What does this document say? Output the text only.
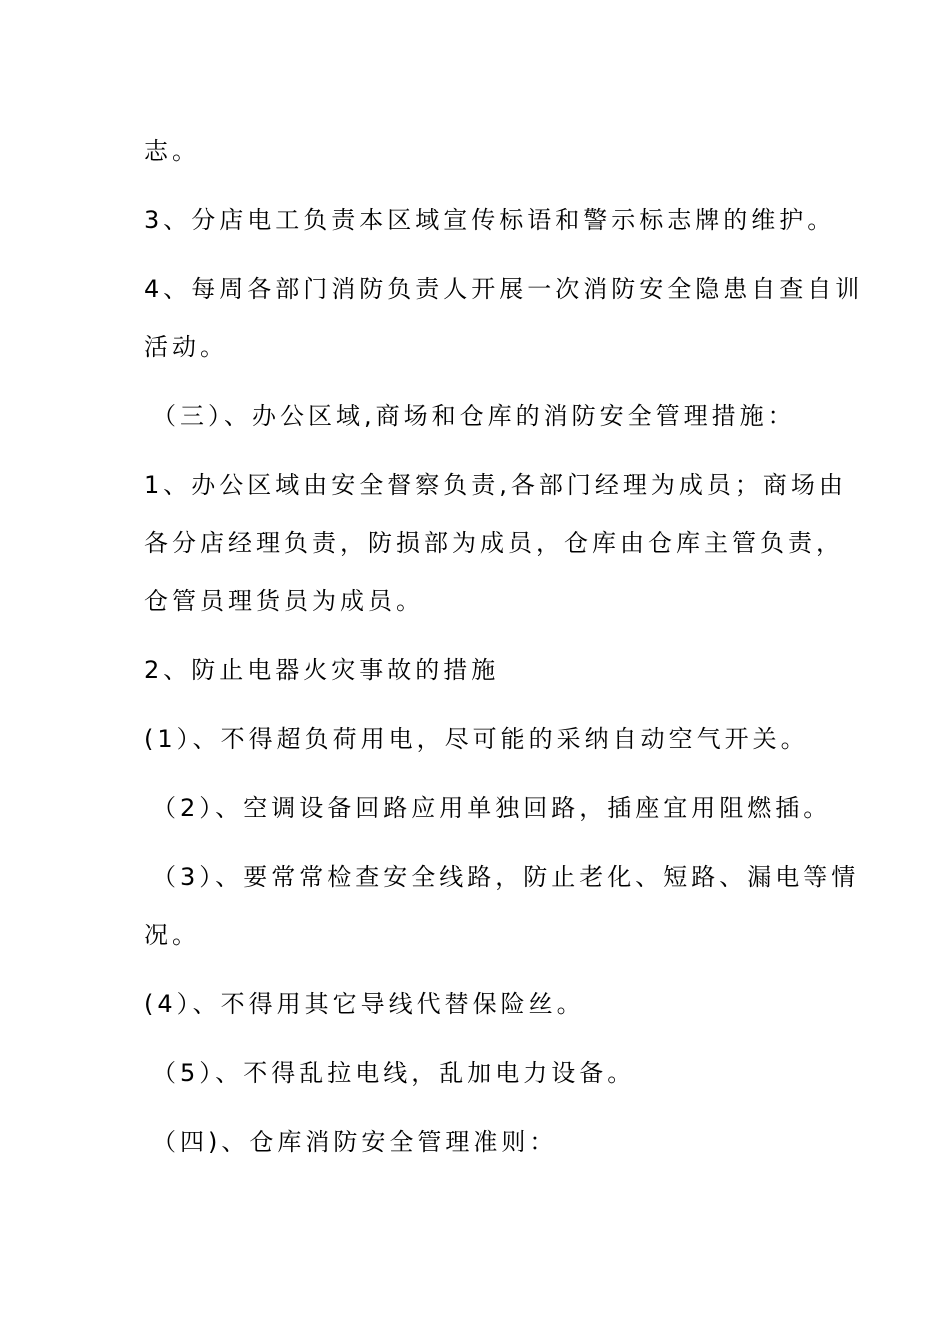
志。
3、分店电工负责本区域宣传标语和警示标志牌的维护。
4、每周各部门消防负责人开展一次消防安全隐患自查自训
活动。
（三）、办公区域,商场和仓库的消防安全管理措施：
1、办公区域由安全督察负责,各部门经理为成员；商场由
各分店经理负责，防损部为成员，仓库由仓库主管负责，
仓管员理货员为成员。
2、防止电器火灾事故的措施
(1）、不得超负荷用电，尽可能的采纳自动空气开关。
（2）、空调设备回路应用单独回路，插座宜用阻燃插。
（3）、要常常检查安全线路，防止老化、短路、漏电等情
况。
(4）、不得用其它导线代替保险丝。
（5）、不得乱拉电线，乱加电力设备。
（四)、仓库消防安全管理准则：
